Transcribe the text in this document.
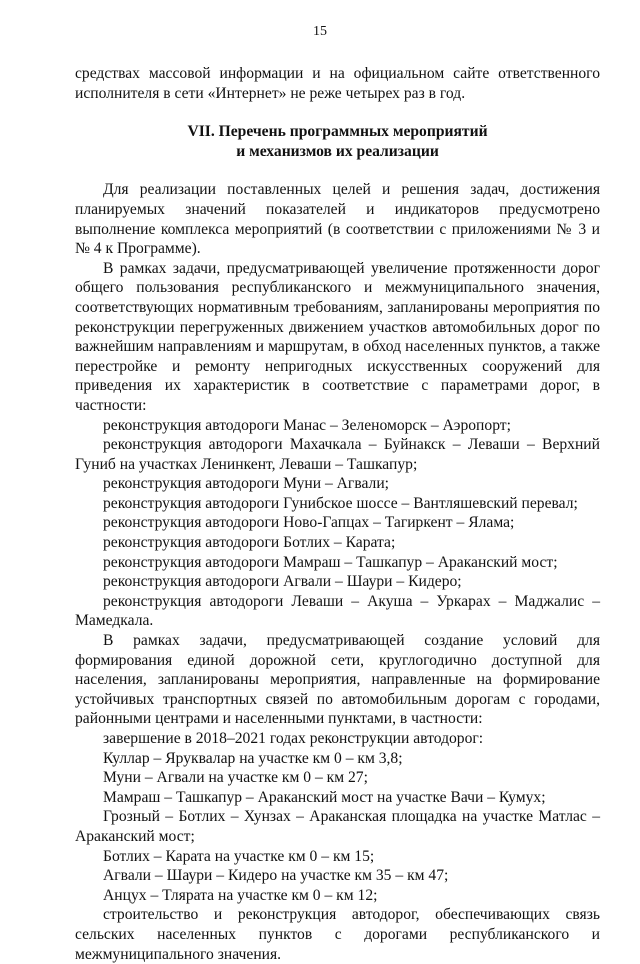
15

средствах массовой информации и на официальном сайте ответственного исполнителя в сети «Интернет» не реже четырех раз в год.

VII. Перечень программных мероприятий

и механизмов их реализации

Для реализации поставленных целей и решения задач, достижения планируемых значений показателей и индикаторов предусмотрено выполнение комплекса мероприятий (в соответствии с приложениями № 3 и № 4 к Программе).

В рамках задачи, предусматривающей увеличение протяженности дорог общего пользования республиканского и межмуниципального значения, соответствующих нормативным требованиям, запланированы мероприятия по реконструкции перегруженных движением участков автомобильных дорог по важнейшим направлениям и маршрутам, в обход населенных пунктов, а также перестройке и ремонту непригодных искусственных сооружений для приведения их характеристик в соответствие с параметрами дорог, в частности:

реконструкция автодороги Манас – Зеленоморск – Аэропорт;

реконструкция автодороги Махачкала – Буйнакск – Леваши – Верхний Гуниб на участках Ленинкент, Леваши – Ташкапур;

реконструкция автодороги Муни – Агвали;

реконструкция автодороги Гунибское шоссе – Вантляшевский перевал;

реконструкция автодороги Ново-Гапцах – Тагиркент – Ялама;

реконструкция автодороги Ботлих – Карата;

реконструкция автодороги Мамраш – Ташкапур – Араканский мост;

реконструкция автодороги Агвали – Шаури – Кидеро;

реконструкция автодороги Леваши – Акуша – Уркарах – Маджалис – Мамедкала.

В рамках задачи, предусматривающей создание условий для формирования единой дорожной сети, круглогодично доступной для населения, запланированы мероприятия, направленные на формирование устойчивых транспортных связей по автомобильным дорогам с городами, районными центрами и населенными пунктами, в частности:

завершение в 2018–2021 годах реконструкции автодорог:

Куллар – Яруквалар на участке км 0 – км 3,8;

Муни – Агвали на участке км 0 – км 27;

Мамраш – Ташкапур – Араканский мост на участке Вачи – Кумух;

Грозный – Ботлих – Хунзах – Араканская площадка на участке Матлас – Араканский мост;

Ботлих – Карата на участке км 0 – км 15;

Агвали – Шаури – Кидеро на участке км 35 – км 47;

Анцух – Тлярата на участке км 0 – км 12;

строительство и реконструкция автодорог, обеспечивающих связь сельских населенных пунктов с дорогами республиканского и межмуниципального значения.
